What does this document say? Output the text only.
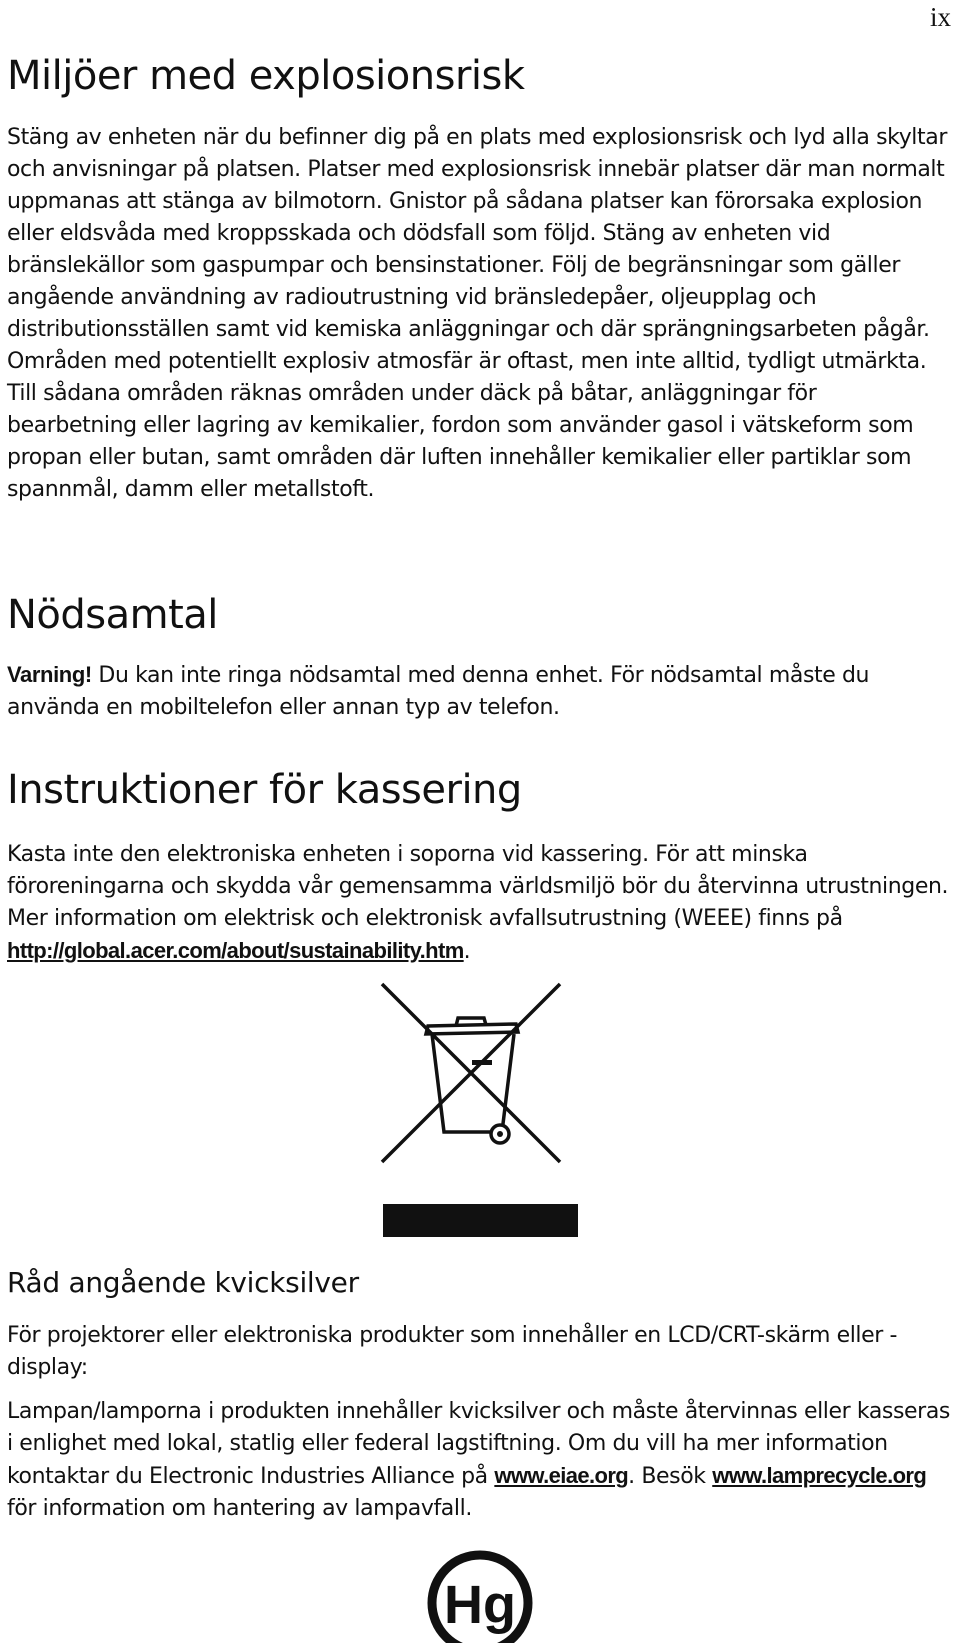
ix
Miljöer med explosionsrisk

Stäng av enheten när du befinner dig på en plats med explosionsrisk och lyd alla skyltar och anvisningar på platsen. Platser med explosionsrisk innebär platser där man normalt uppmanas att stänga av bilmotorn. Gnistor på sådana platser kan förorsaka explosion eller eldsvåda med kroppsskada och dödsfall som följd. Stäng av enheten vid bränslekällor som gaspumpar och bensinstationer. Följ de begränsningar som gäller angående användning av radioutrustning vid bränsledepåer, oljeupplag och distributionsställen samt vid kemiska anläggningar och där sprängningsarbeten pågår. Områden med potentiellt explosiv atmosfär är oftast, men inte alltid, tydligt utmärkta. Till sådana områden räknas områden under däck på båtar, anläggningar för bearbetning eller lagring av kemikalier, fordon som använder gasol i vätskeform som propan eller butan, samt områden där luften innehåller kemikalier eller partiklar som spannmål, damm eller metallstoft.

Nödsamtal

Varning! Du kan inte ringa nödsamtal med denna enhet. För nödsamtal måste du använda en mobiltelefon eller annan typ av telefon.

Instruktioner för kassering

Kasta inte den elektroniska enheten i soporna vid kassering. För att minska föroreningarna och skydda vår gemensamma världsmiljö bör du återvinna utrustningen. Mer information om elektrisk och elektronisk avfallsutrustning (WEEE) finns på http://global.acer.com/about/sustainability.htm.

Råd angående kvicksilver

För projektorer eller elektroniska produkter som innehåller en LCD/CRT-skärm eller -display:

Lampan/lamporna i produkten innehåller kvicksilver och måste återvinnas eller kasseras i enlighet med lokal, statlig eller federal lagstiftning. Om du vill ha mer information kontaktar du Electronic Industries Alliance på www.eiae.org. Besök www.lamprecycle.org för information om hantering av lampavfall.

Hg
